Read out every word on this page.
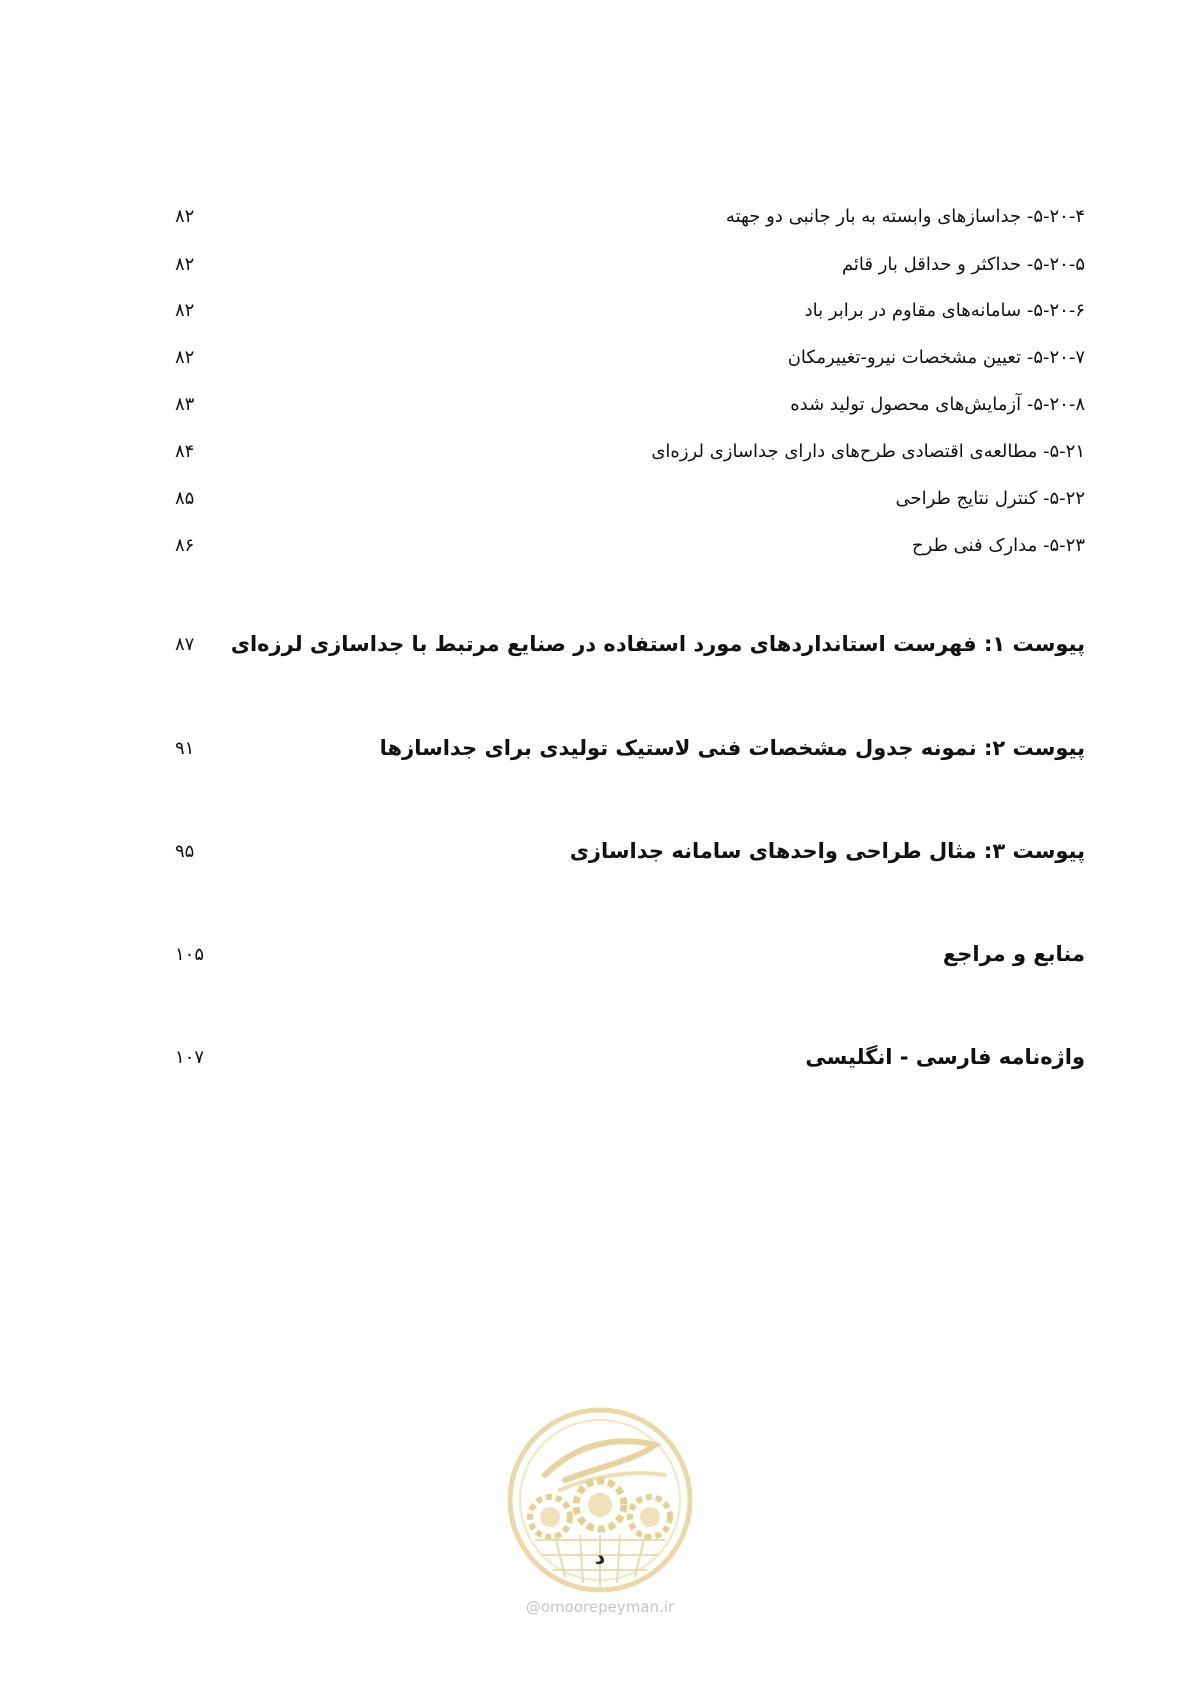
۸۲	۵-۲۰-۴- جداسازهای وابسته به بار جانبی دو جهته
۸۲	۵-۲۰-۵- حداکثر و حداقل بار قائم
۸۲	۵-۲۰-۶- سامانه‌های مقاوم در برابر باد
۸۲	۵-۲۰-۷- تعیین مشخصات نیرو-تغییرمکان
۸۳	۵-۲۰-۸- آزمایش‌های محصول تولید شده
۸۴	۵-۲۱- مطالعه‌ی اقتصادی طرح‌های دارای جداسازی لرزه‌ای
۸۵	۵-۲۲- کنترل نتایج طراحی
۸۶	۵-۲۳- مدارک فنی طرح
۸۷	پیوست ۱: فهرست استانداردهای مورد استفاده در صنایع مرتبط با جداسازی لرزه‌ای
۹۱	پیوست ۲: نمونه جدول مشخصات فنی لاستیک تولیدی برای جداسازها
۹۵	پیوست ۳: مثال طراحی واحدهای سامانه جداسازی
۱۰۵	منابع و مراجع
۱۰۷	واژه‌نامه فارسی - انگلیسی
د
@omoorepeyman.ir
